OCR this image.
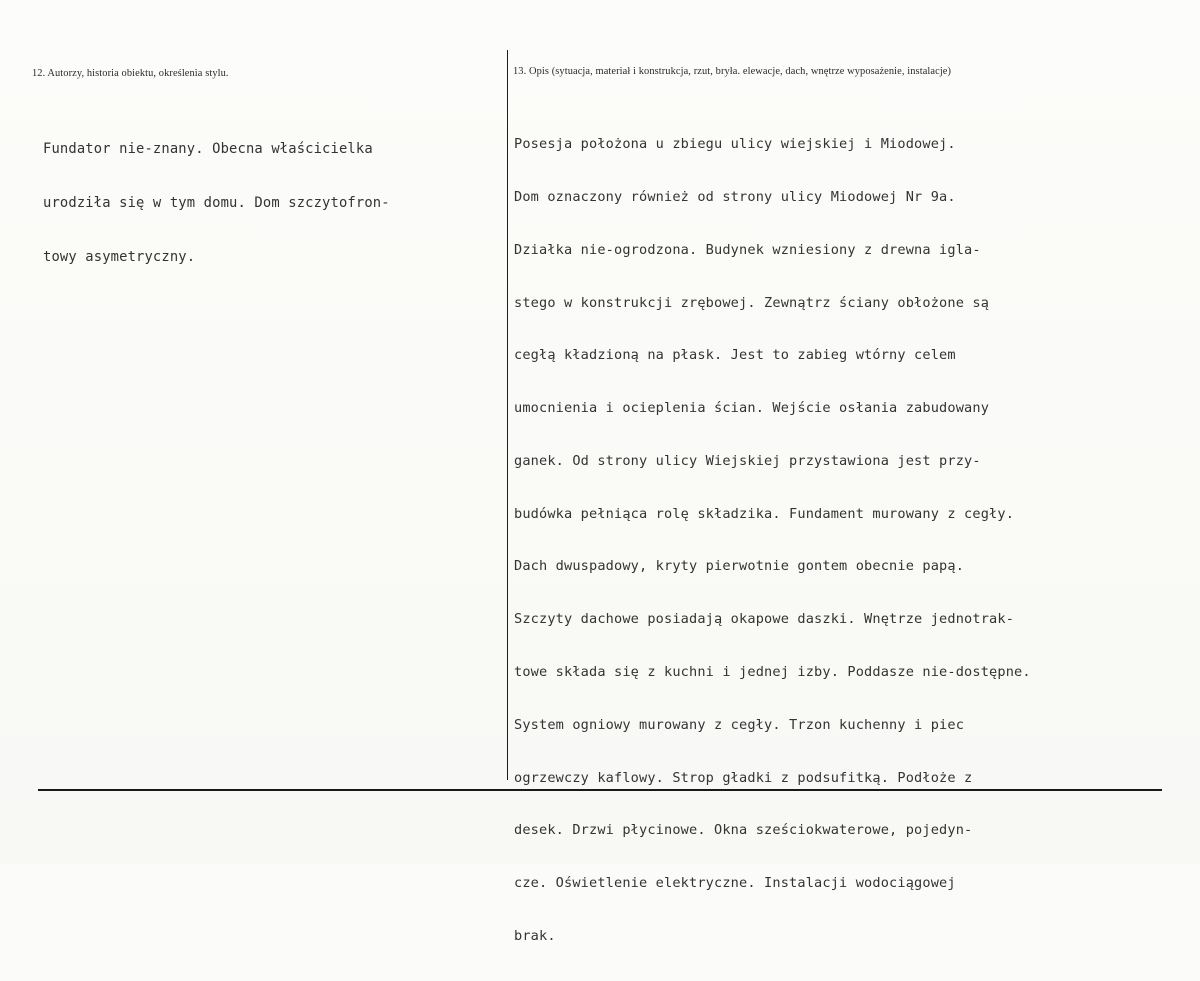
12. Autorzy, historia obiektu, określenia stylu.	13. Opis (sytuacja, materiał i konstrukcja, rzut, bryła. elewacje, dach, wnętrze wyposażenie, instalacje)

Fundator nie-znany. Obecna właścicielka

urodziła się w tym domu. Dom szczytofron-

towy asymetryczny.

Posesja położona u zbiegu ulicy wiejskiej i Miodowej.

Dom oznaczony również od strony ulicy Miodowej Nr 9a.

Działka nie-ogrodzona. Budynek wzniesiony z drewna igla-

stego w konstrukcji zrębowej. Zewnątrz ściany obłożone są

cegłą kładzioną na płask. Jest to zabieg wtórny celem

umocnienia i ocieplenia ścian. Wejście osłania zabudowany

ganek. Od strony ulicy Wiejskiej przystawiona jest przy-

budówka pełniąca rolę składzika. Fundament murowany z cegły.

Dach dwuspadowy, kryty pierwotnie gontem obecnie papą.

Szczyty dachowe posiadają okapowe daszki. Wnętrze jednotrak-

towe składa się z kuchni i jednej izby. Poddasze nie-dostępne.

System ogniowy murowany z cegły. Trzon kuchenny i piec

ogrzewczy kaflowy. Strop gładki z podsufitką. Podłoże z

desek. Drzwi płycinowe. Okna sześciokwaterowe, pojedyn-

cze. Oświetlenie elektryczne. Instalacji wodociągowej

brak.
